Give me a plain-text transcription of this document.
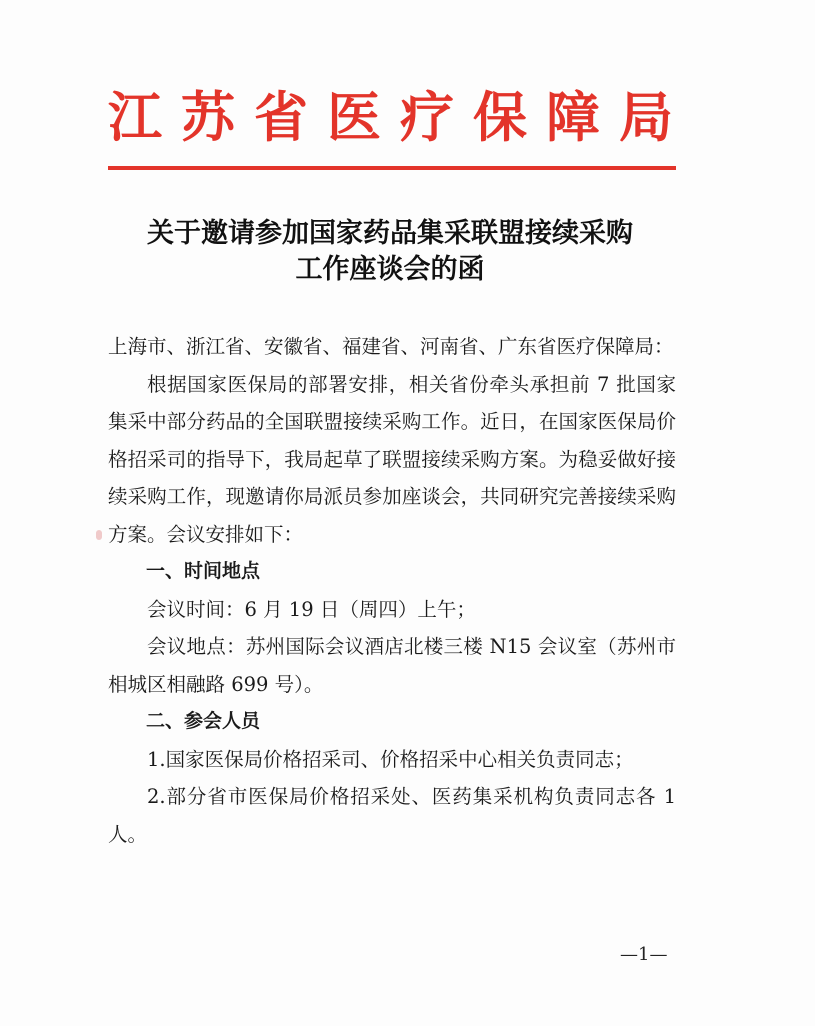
江苏省医疗保障局
关于邀请参加国家药品集采联盟接续采购
工作座谈会的函

上海市、浙江省、安徽省、福建省、河南省、广东省医疗保障局：

根据国家医保局的部署安排，相关省份牵头承担前 7 批国家集采中部分药品的全国联盟接续采购工作。近日，在国家医保局价格招采司的指导下，我局起草了联盟接续采购方案。为稳妥做好接续采购工作，现邀请你局派员参加座谈会，共同研究完善接续采购方案。会议安排如下：

一、时间地点

会议时间：6 月 19 日（周四）上午；

会议地点：苏州国际会议酒店北楼三楼 N15 会议室（苏州市相城区相融路 699 号）。

二、参会人员

1.国家医保局价格招采司、价格招采中心相关负责同志；

2.部分省市医保局价格招采处、医药集采机构负责同志各 1 人。

—1—
